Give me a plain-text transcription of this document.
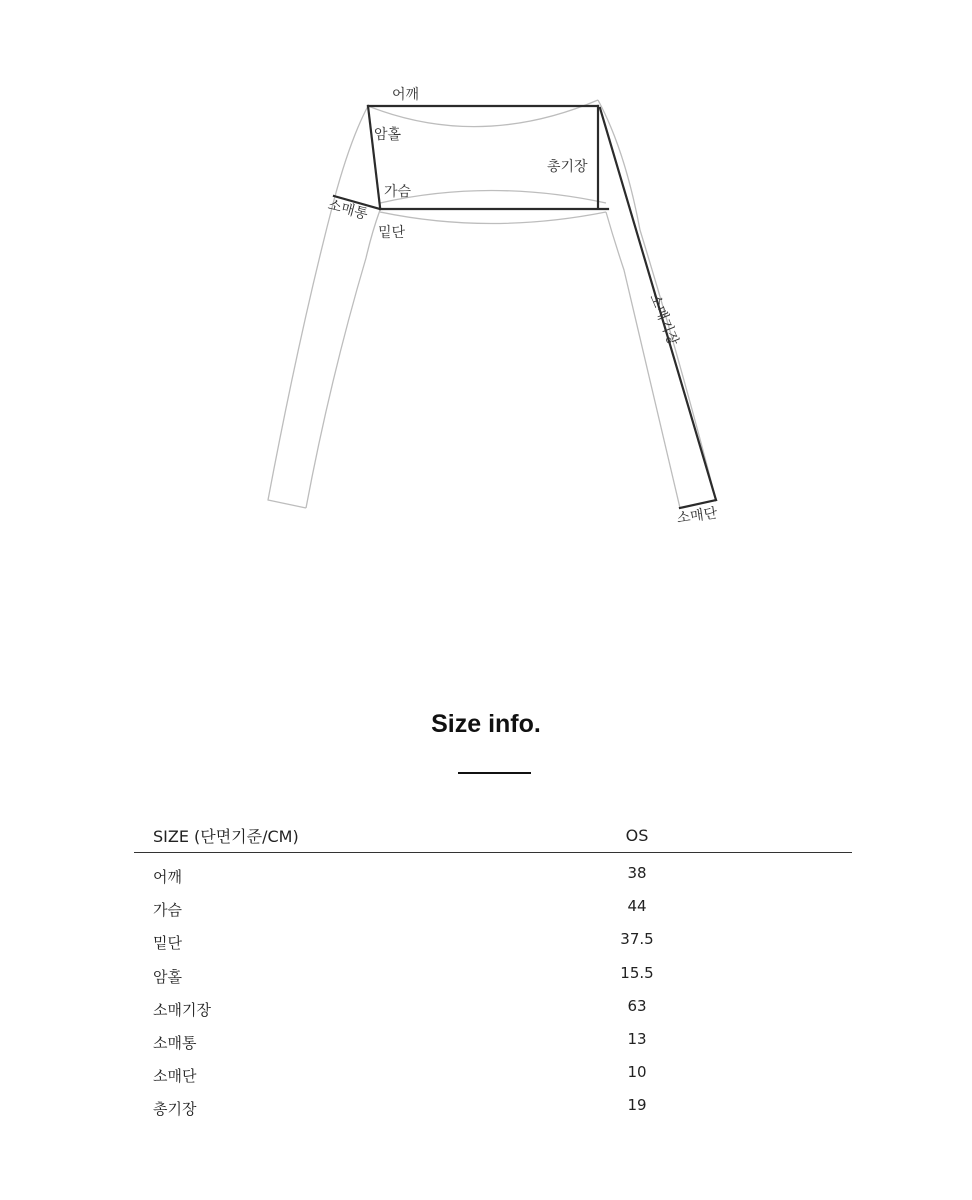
어깨
암홀
가슴
밑단
소매통
총기장
소매기장
소매단
Size info.
SIZE (단면기준/CM)	OS
어깨	38
가슴	44
밑단	37.5
암홀	15.5
소매기장	63
소매통	13
소매단	10
총기장	19
